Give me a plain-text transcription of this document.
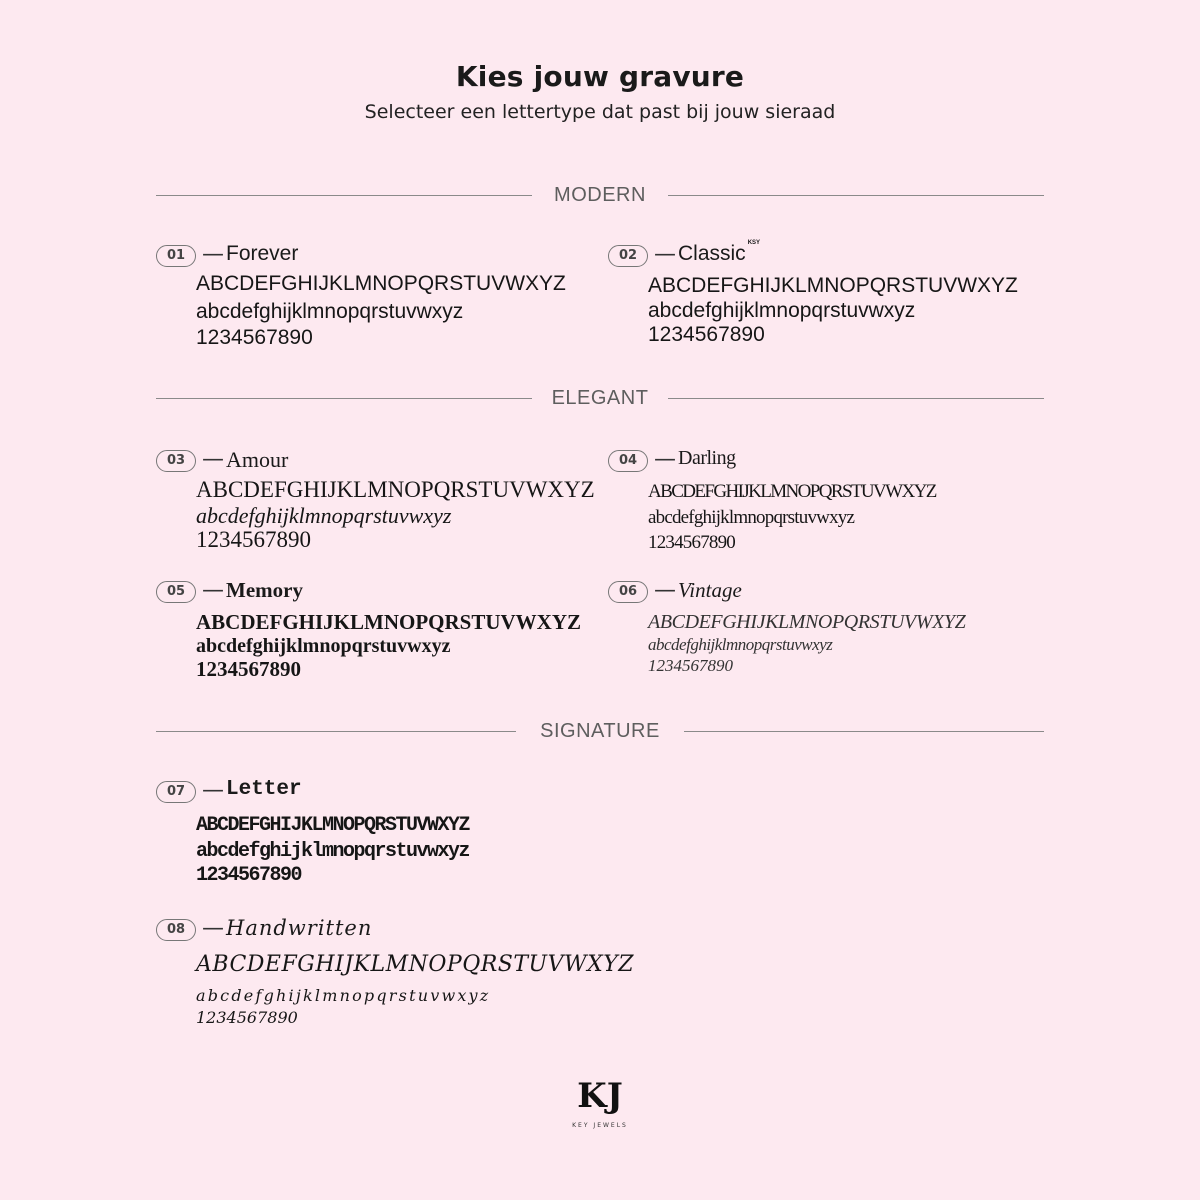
Kies jouw gravure
Selecteer een lettertype dat past bij jouw sieraad
MODERN
01 — Forever
ABCDEFGHIJKLMNOPQRSTUVWXYZ
abcdefghijklmnopqrstuvwxyz
1234567890
02 — Classic $^{KSY}$
ABCDEFGHIJKLMNOPQRSTUVWXYZ
abcdefghijklmnopqrstuvwxyz
1234567890
ELEGANT
03 — Amour
ABCDEFGHIJKLMNOPQRSTUVWXYZ
abcdefghijklmnopqrstuvwxyz
1234567890
04 — Darling
ABCDEFGHIJKLMNOPQRSTUVWXYZ
abcdefghijklmnopqrstuvwxyz
1234567890
05 — Memory
ABCDEFGHIJKLMNOPQRSTUVWXYZ
abcdefghijklmnopqrstuvwxyz
1234567890
06 — Vintage
ABCDEFGHIJKLMNOPQRSTUVWXYZ
abcdefghijklmnopqrstuvwxyz
1234567890
SIGNATURE
07 — Letter
ABCDEFGHIJKLMNOPQRSTUVWXYZ
abcdefghijklmnopqrstuvwxyz
1234567890
08 — Handwritten
ABCDEFGHIJKLMNOPQRSTUVWXYZ
abcdefghijklmnopqrstuvwxyz
1234567890
KJ
KEY JEWELS
